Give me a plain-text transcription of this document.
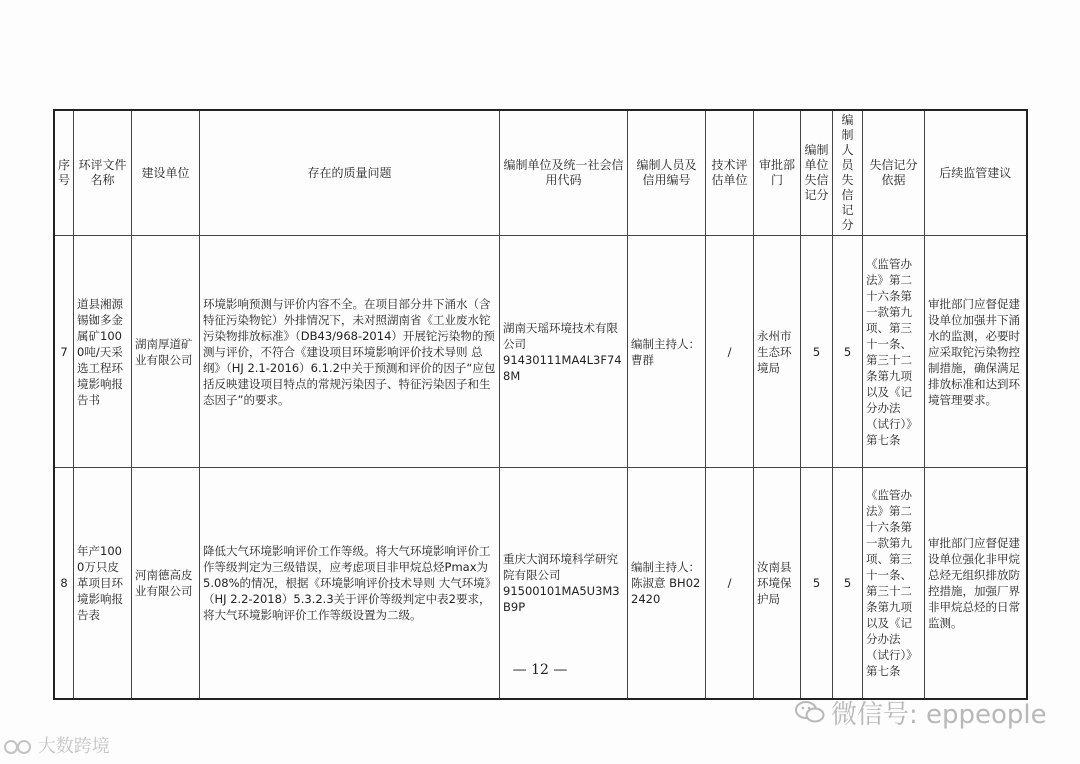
序号	环评文件名称	建设单位	存在的质量问题	编制单位及统一社会信用代码	编制人员及信用编号	技术评估单位	审批部门	编制单位失信记分	编制人员失信记分	失信记分依据	后续监管建议
7	道县湘源锡铷多金属矿1000吨/天采选工程环境影响报告书	湖南厚道矿业有限公司	环境影响预测与评价内容不全。在项目部分井下涌水（含特征污染物铊）外排情况下，未对照湖南省《工业废水铊污染物排放标准》（DB43/968-2014）开展铊污染物的预测与评价，不符合《建设项目环境影响评价技术导则 总纲》（HJ 2.1-2016）6.1.2中关于预测和评价的因子“应包括反映建设项目特点的常规污染因子、特征污染因子和生态因子”的要求。	湖南天瑶环境技术有限公司
91430111MA4L3F748M	编制主持人：曹群	/	永州市生态环境局	5	5	《监管办法》第二十六条第一款第九项、第三十一条、第三十二条第九项以及《记分办法（试行）》第七条	审批部门应督促建设单位加强井下涌水的监测，必要时应采取铊污染物控制措施，确保满足排放标准和达到环境管理要求。
8	年产1000万只皮革项目环境影响报告表	河南德高皮业有限公司	降低大气环境影响评价工作等级。将大气环境影响评价工作等级判定为三级错误，应考虑项目非甲烷总烃Pmax为5.08%的情况，根据《环境影响评价技术导则 大气环境》（HJ 2.2-2018）5.3.2.3关于评价等级判定中表2要求，将大气环境影响评价工作等级设置为二级。	重庆大润环境科学研究院有限公司
91500101MA5U3M3B9P	编制主持人：陈淑意 BH022420	/	汝南县环境保护局	5	5	《监管办法》第二十六条第一款第九项、第三十一条、第三十二条第九项以及《记分办法（试行）》第七条	审批部门应督促建设单位强化非甲烷总烃无组织排放防控措施，加强厂界非甲烷总烃的日常监测。
— 12 —
微信号: eppeople
大数跨境
